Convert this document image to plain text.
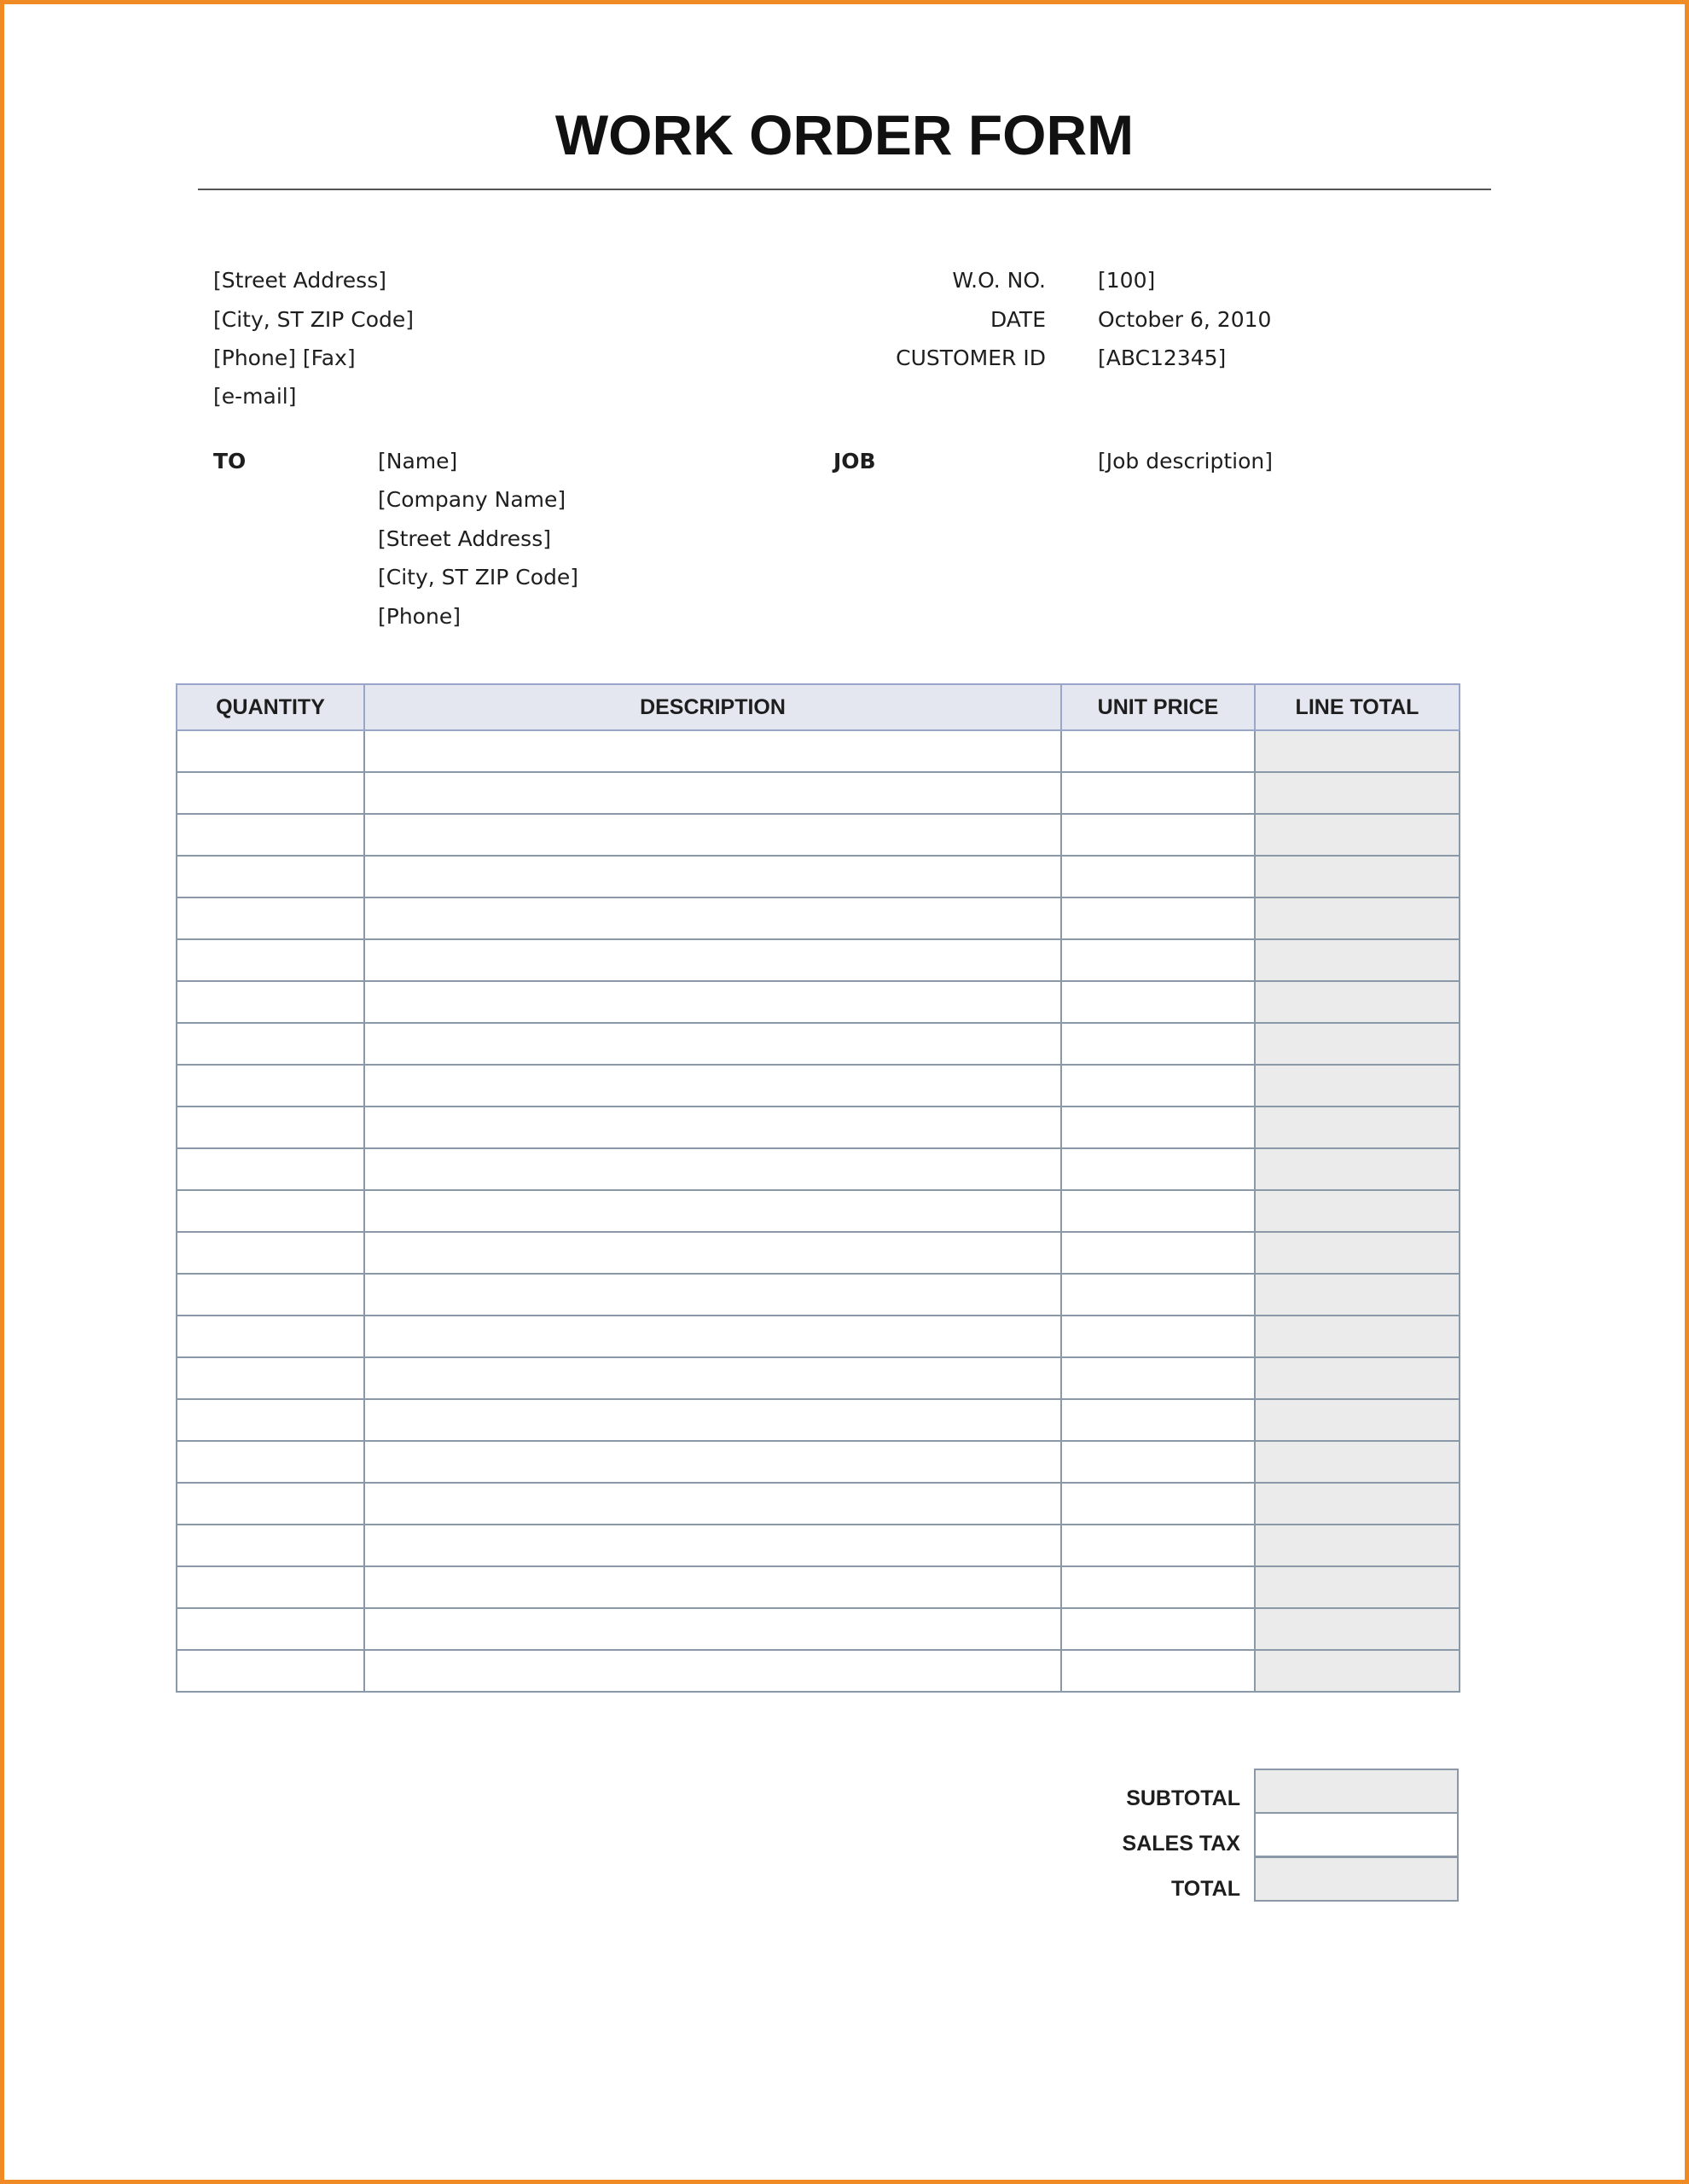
WORK ORDER FORM
[Street Address]
[City, ST ZIP Code]
[Phone] [Fax]
[e-mail]
W.O. NO. [100]
DATE October 6, 2010
CUSTOMER ID [ABC12345]
TO	[Name]
[Company Name]
[Street Address]
[City, ST ZIP Code]
[Phone]
JOB	[Job description]
QUANTITY	DESCRIPTION	UNIT PRICE	LINE TOTAL

SUBTOTAL
SALES TAX
TOTAL
